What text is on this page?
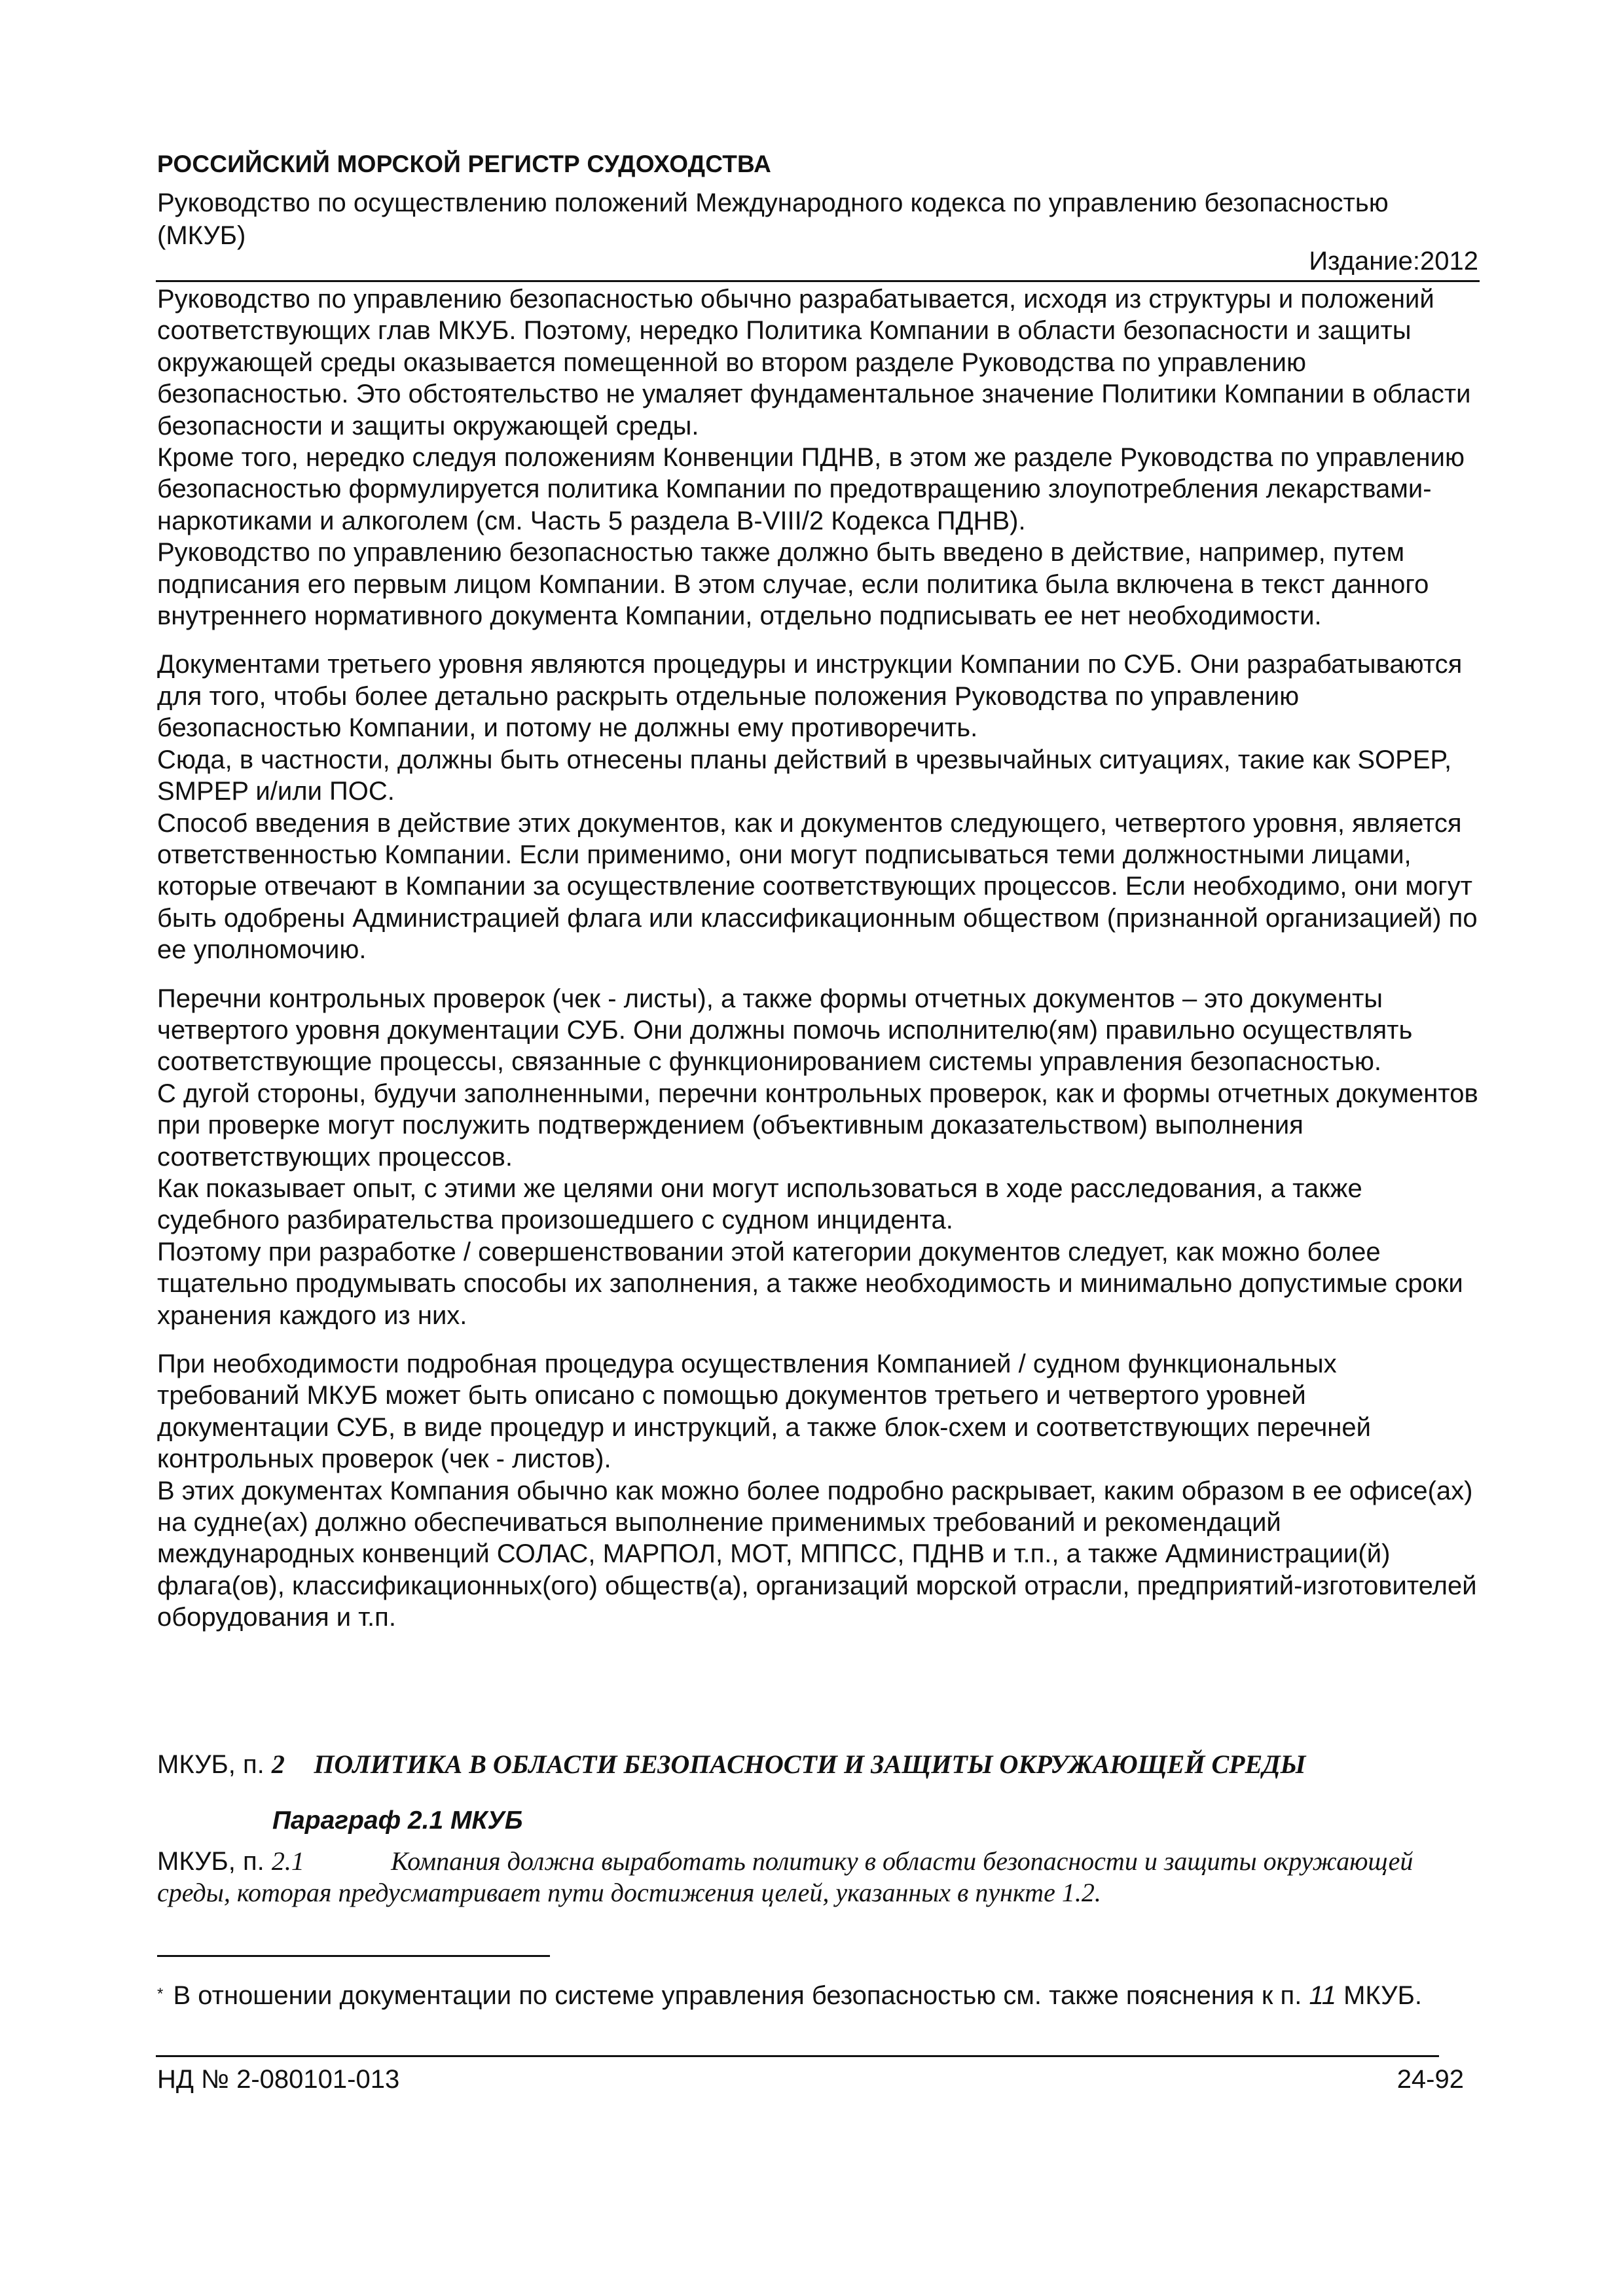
РОССИЙСКИЙ МОРСКОЙ РЕГИСТР СУДОХОДСТВА
Руководство по осуществлению положений Международного кодекса по управлению безопасностью (МКУБ)
Издание:2012

Руководство по управлению безопасностью обычно разрабатывается, исходя из структуры и положений соответствующих глав МКУБ. Поэтому, нередко Политика Компании в области безопасности и защиты окружающей среды оказывается помещенной во втором разделе Руководства по управлению безопасностью. Это обстоятельство не умаляет фундаментальное значение Политики Компании в области безопасности и защиты окружающей среды.

Кроме того, нередко следуя положениям Конвенции ПДНВ, в этом же разделе Руководства по управлению безопасностью формулируется политика Компании по предотвращению злоупотребления лекарствами-наркотиками и алкоголем (см. Часть 5 раздела B-VIII/2 Кодекса ПДНВ).

Руководство по управлению безопасностью также должно быть введено в действие, например, путем подписания его первым лицом Компании. В этом случае, если политика была включена в текст данного внутреннего нормативного документа Компании, отдельно подписывать ее нет необходимости.

Документами третьего уровня являются процедуры и инструкции Компании по СУБ. Они разрабатываются для того, чтобы более детально раскрыть отдельные положения Руководства по управлению безопасностью Компании, и потому не должны ему противоречить.

Сюда, в частности, должны быть отнесены планы действий в чрезвычайных ситуациях, такие как SOPEP, SMPEP и/или ПОС.

Способ введения в действие этих документов, как и документов следующего, четвертого уровня, является ответственностью Компании. Если применимо, они могут подписываться теми должностными лицами, которые отвечают в Компании за осуществление соответствующих процессов. Если необходимо, они могут быть одобрены Администрацией флага или классификационным обществом (признанной организацией) по ее уполномочию.

Перечни контрольных проверок (чек - листы), а также формы отчетных документов – это документы четвертого уровня документации СУБ. Они должны помочь исполнителю(ям) правильно осуществлять соответствующие процессы, связанные с функционированием системы управления безопасностью.

С дугой стороны, будучи заполненными, перечни контрольных проверок, как и формы отчетных документов при проверке могут послужить подтверждением (объективным доказательством) выполнения соответствующих процессов.

Как показывает опыт, с этими же целями они могут использоваться в ходе расследования, а также судебного разбирательства произошедшего с судном инцидента.

Поэтому при разработке / совершенствовании этой категории документов следует, как можно более тщательно продумывать способы их заполнения, а также необходимость и минимально допустимые сроки хранения каждого из них.

При необходимости подробная процедура осуществления Компанией / судном функциональных требований МКУБ может быть описано с помощью документов третьего и четвертого уровней документации СУБ, в виде процедур и инструкций, а также блок-схем и соответствующих перечней контрольных проверок (чек - листов).

В этих документах Компания обычно как можно более подробно раскрывает, каким образом в ее офисе(ах) на судне(ах) должно обеспечиваться выполнение применимых требований и рекомендаций международных конвенций СОЛАС, МАРПОЛ, МОТ, МППСС, ПДНВ и т.п., а также Администрации(й) флага(ов), классификационных(ого) обществ(а), организаций морской отрасли, предприятий-изготовителей оборудования и т.п.

МКУБ, п. 2 ПОЛИТИКА В ОБЛАСТИ БЕЗОПАСНОСТИ И ЗАЩИТЫ ОКРУЖАЮЩЕЙ СРЕДЫ
Параграф 2.1 МКУБ
МКУБ, п. 2.1	Компания должна выработать политику в области безопасности и защиты окружающей среды, которая предусматривает пути достижения целей, указанных в пункте 1.2.
* В отношении документации по системе управления безопасностью см. также пояснения к п. 11 МКУБ.
НД № 2-080101-013	24-92
